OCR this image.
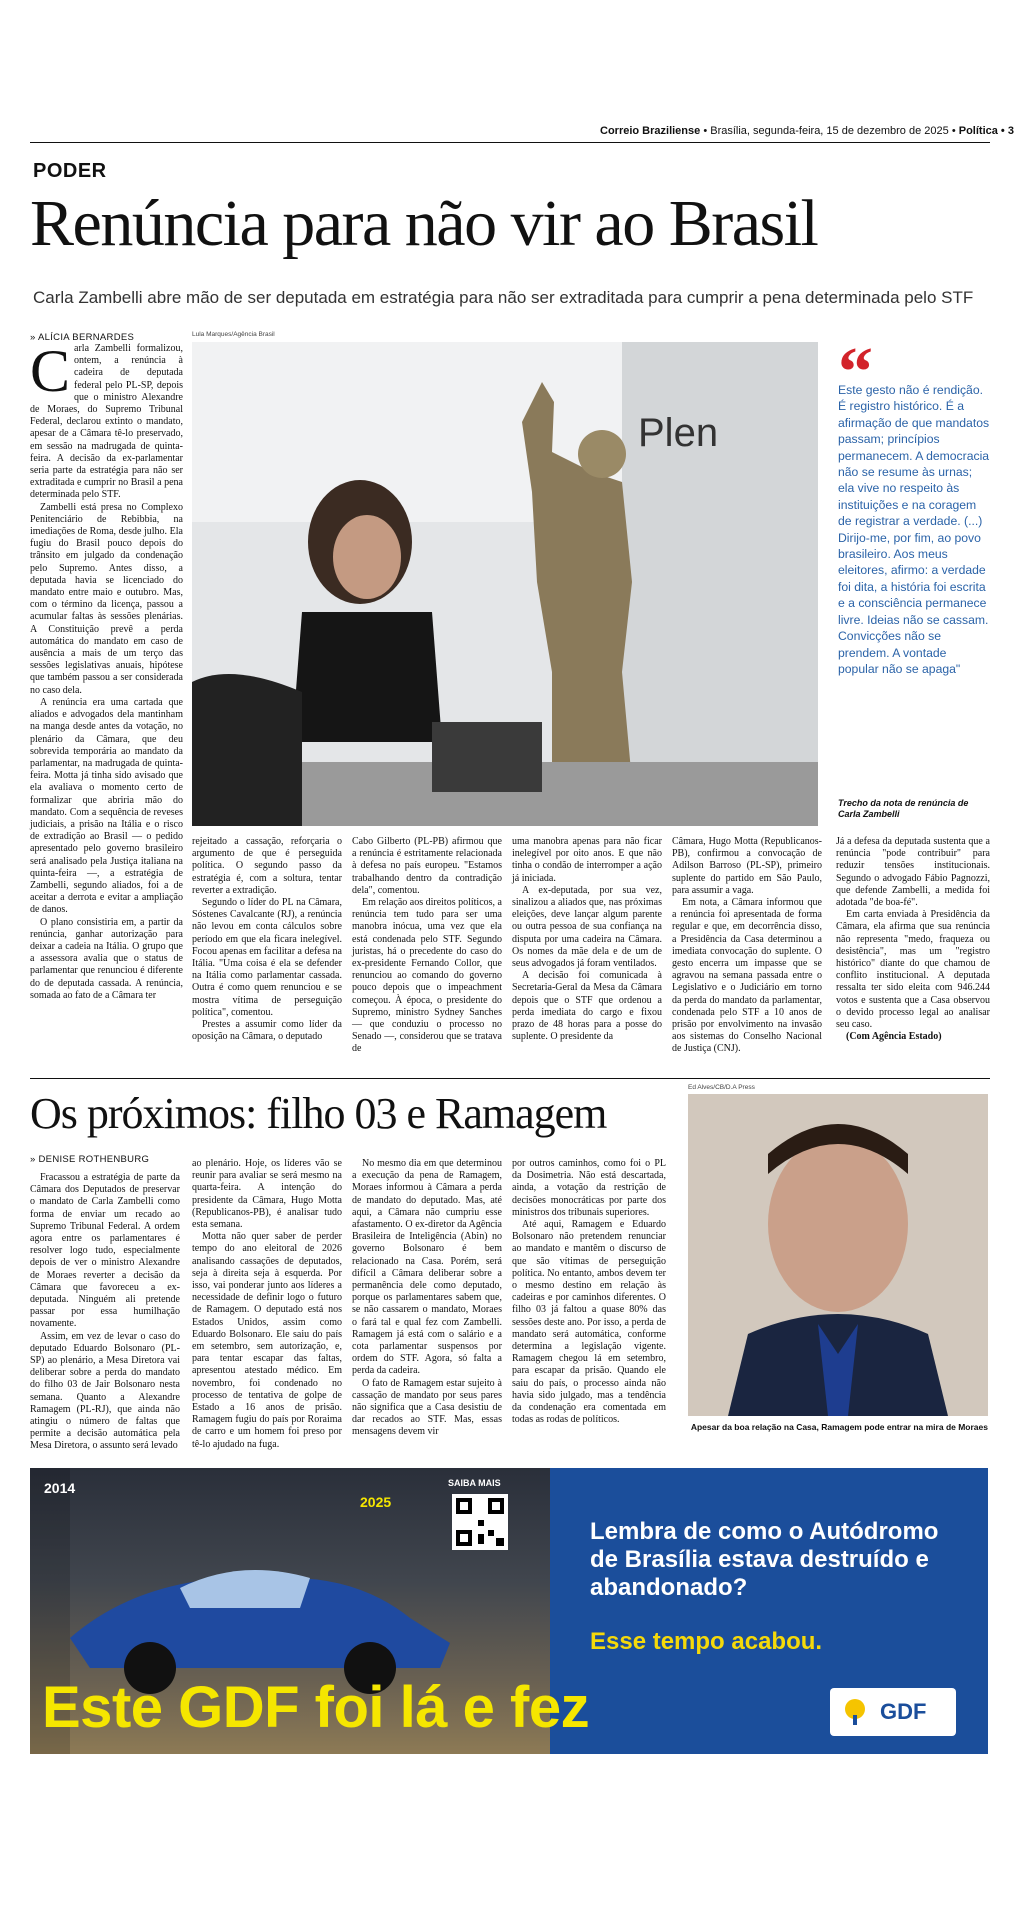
Correio Braziliense • Brasília, segunda-feira, 15 de dezembro de 2025 • Política • 3
PODER
Renúncia para não vir ao Brasil
Carla Zambelli abre mão de ser deputada em estratégia para não ser extraditada para cumprir a pena determinada pelo STF
» ALÍCIA BERNARDES	Lula Marques/Agência Brasil
Plen
“
Este gesto não é rendição. É registro histórico. É a afirmação de que mandatos passam; princípios permanecem. A democracia não se resume às urnas; ela vive no respeito às instituições e na coragem de registrar a verdade. (...) Dirijo-me, por fim, ao povo brasileiro. Aos meus eleitores, afirmo: a verdade foi dita, a história foi escrita e a consciência permanece livre. Ideias não se cassam. Convicções não se prendem. A vontade popular não se apaga"
Trecho da nota de renúncia de Carla Zambelli
C arla Zambelli formalizou, ontem, a renúncia à cadeira de deputada federal pelo PL-SP, depois que o ministro Alexandre de Moraes, do Supremo Tribunal Federal, declarou extinto o mandato, apesar de a Câmara tê-lo preservado, em sessão na madrugada de quinta-feira. A decisão da ex-parlamentar seria parte da estratégia para não ser extraditada e cumprir no Brasil a pena determinada pelo STF.

Zambelli está presa no Complexo Penitenciário de Rebibbia, na imediações de Roma, desde julho. Ela fugiu do Brasil pouco depois do trânsito em julgado da condenação pelo Supremo. Antes disso, a deputada havia se licenciado do mandato entre maio e outubro. Mas, com o término da licença, passou a acumular faltas às sessões plenárias. A Constituição prevê a perda automática do mandato em caso de ausência a mais de um terço das sessões legislativas anuais, hipótese que também passou a ser considerada no caso dela.

A renúncia era uma cartada que aliados e advogados dela mantinham na manga desde antes da votação, no plenário da Câmara, que deu sobrevida temporária ao mandato da parlamentar, na madrugada de quinta-feira. Motta já tinha sido avisado que ela avaliava o momento certo de formalizar que abriria mão do mandato. Com a sequência de reveses judiciais, a prisão na Itália e o risco de extradição ao Brasil — o pedido apresentado pelo governo brasileiro será analisado pela Justiça italiana na quinta-feira —, a estratégia de Zambelli, segundo aliados, foi a de aceitar a derrota e evitar a ampliação de danos.

O plano consistiria em, a partir da renúncia, ganhar autorização para deixar a cadeia na Itália. O grupo que a assessora avalia que o status de parlamentar que renunciou é diferente do de deputada cassada. A renúncia, somada ao fato de a Câmara ter

rejeitado a cassação, reforçaria o argumento de que é perseguida política. O segundo passo da estratégia é, com a soltura, tentar reverter a extradição.

Segundo o líder do PL na Câmara, Sóstenes Cavalcante (RJ), a renúncia não levou em conta cálculos sobre período em que ela ficara inelegível. Focou apenas em facilitar a defesa na Itália. "Uma coisa é ela se defender na Itália como parlamentar cassada. Outra é como quem renunciou e se mostra vítima de perseguição política", comentou.

Prestes a assumir como líder da oposição na Câmara, o deputado

Cabo Gilberto (PL-PB) afirmou que a renúncia é estritamente relacionada à defesa no país europeu. "Estamos trabalhando dentro da contradição dela", comentou.

Em relação aos direitos políticos, a renúncia tem tudo para ser uma manobra inócua, uma vez que ela está condenada pelo STF. Segundo juristas, há o precedente do caso do ex-presidente Fernando Collor, que renunciou ao comando do governo pouco depois que o impeachment começou. À época, o presidente do Supremo, ministro Sydney Sanches — que conduziu o processo no Senado —, considerou que se tratava de

uma manobra apenas para não ficar inelegível por oito anos. E que não tinha o condão de interromper a ação já iniciada.

A ex-deputada, por sua vez, sinalizou a aliados que, nas próximas eleições, deve lançar algum parente ou outra pessoa de sua confiança na disputa por uma cadeira na Câmara. Os nomes da mãe dela e de um de seus advogados já foram ventilados.

A decisão foi comunicada à Secretaria-Geral da Mesa da Câmara depois que o STF que ordenou a perda imediata do cargo e fixou prazo de 48 horas para a posse do suplente. O presidente da

Câmara, Hugo Motta (Republicanos-PB), confirmou a convocação de Adilson Barroso (PL-SP), primeiro suplente do partido em São Paulo, para assumir a vaga.

Em nota, a Câmara informou que a renúncia foi apresentada de forma regular e que, em decorrência disso, a Presidência da Casa determinou a imediata convocação do suplente. O gesto encerra um impasse que se agravou na semana passada entre o Legislativo e o Judiciário em torno da perda do mandato da parlamentar, condenada pelo STF a 10 anos de prisão por envolvimento na invasão aos sistemas do Conselho Nacional de Justiça (CNJ).

Já a defesa da deputada sustenta que a renúncia "pode contribuir" para reduzir tensões institucionais. Segundo o advogado Fábio Pagnozzi, que defende Zambelli, a medida foi adotada "de boa-fé".

Em carta enviada à Presidência da Câmara, ela afirma que sua renúncia não representa "medo, fraqueza ou desistência", mas um "registro histórico" diante do que chamou de conflito institucional. A deputada ressalta ter sido eleita com 946.244 votos e sustenta que a Casa observou o devido processo legal ao analisar seu caso.

(Com Agência Estado)

Os próximos: filho 03 e Ramagem
» DENISE ROTHENBURG
Ed Alves/CB/D.A Press
Apesar da boa relação na Casa, Ramagem pode entrar na mira de Moraes

Fracassou a estratégia de parte da Câmara dos Deputados de preservar o mandato de Carla Zambelli como forma de enviar um recado ao Supremo Tribunal Federal. A ordem agora entre os parlamentares é resolver logo tudo, especialmente depois de ver o ministro Alexandre de Moraes reverter a decisão da Câmara que favoreceu a ex-deputada. Ninguém ali pretende passar por essa humilhação novamente.

Assim, em vez de levar o caso do deputado Eduardo Bolsonaro (PL-SP) ao plenário, a Mesa Diretora vai deliberar sobre a perda do mandato do filho 03 de Jair Bolsonaro nesta semana. Quanto a Alexandre Ramagem (PL-RJ), que ainda não atingiu o número de faltas que permite a decisão automática pela Mesa Diretora, o assunto será levado

ao plenário. Hoje, os líderes vão se reunir para avaliar se será mesmo na quarta-feira. A intenção do presidente da Câmara, Hugo Motta (Republicanos-PB), é analisar tudo esta semana.

Motta não quer saber de perder tempo do ano eleitoral de 2026 analisando cassações de deputados, seja à direita seja à esquerda. Por isso, vai ponderar junto aos líderes a necessidade de definir logo o futuro de Ramagem. O deputado está nos Estados Unidos, assim como Eduardo Bolsonaro. Ele saiu do país em setembro, sem autorização, e, para tentar escapar das faltas, apresentou atestado médico. Em novembro, foi condenado no processo de tentativa de golpe de Estado a 16 anos de prisão. Ramagem fugiu do país por Roraima de carro e um homem foi preso por tê-lo ajudado na fuga.

No mesmo dia em que determinou a execução da pena de Ramagem, Moraes informou à Câmara a perda de mandato do deputado. Mas, até aqui, a Câmara não cumpriu esse afastamento. O ex-diretor da Agência Brasileira de Inteligência (Abin) no governo Bolsonaro é bem relacionado na Casa. Porém, será difícil a Câmara deliberar sobre a permanência dele como deputado, porque os parlamentares sabem que, se não cassarem o mandato, Moraes o fará tal e qual fez com Zambelli. Ramagem já está com o salário e a cota parlamentar suspensos por ordem do STF. Agora, só falta a perda da cadeira.

O fato de Ramagem estar sujeito à cassação de mandato por seus pares não significa que a Casa desistiu de dar recados ao STF. Mas, essas mensagens devem vir

por outros caminhos, como foi o PL da Dosimetria. Não está descartada, ainda, a votação da restrição de decisões monocráticas por parte dos ministros dos tribunais superiores.

Até aqui, Ramagem e Eduardo Bolsonaro não pretendem renunciar ao mandato e mantêm o discurso de que são vítimas de perseguição política. No entanto, ambos devem ter o mesmo destino em relação às cadeiras e por caminhos diferentes. O filho 03 já faltou a quase 80% das sessões deste ano. Por isso, a perda de mandato será automática, conforme determina a legislação vigente. Ramagem chegou lá em setembro, para escapar da prisão. Quando ele saiu do país, o processo ainda não havia sido julgado, mas a tendência da condenação era comentada em todas as rodas de políticos.

2014
2025
SAIBA MAIS
Lembra de como o Autódromo de Brasília estava destruído e abandonado?
Esse tempo acabou.
Este GDF foi lá e fez	GDF
